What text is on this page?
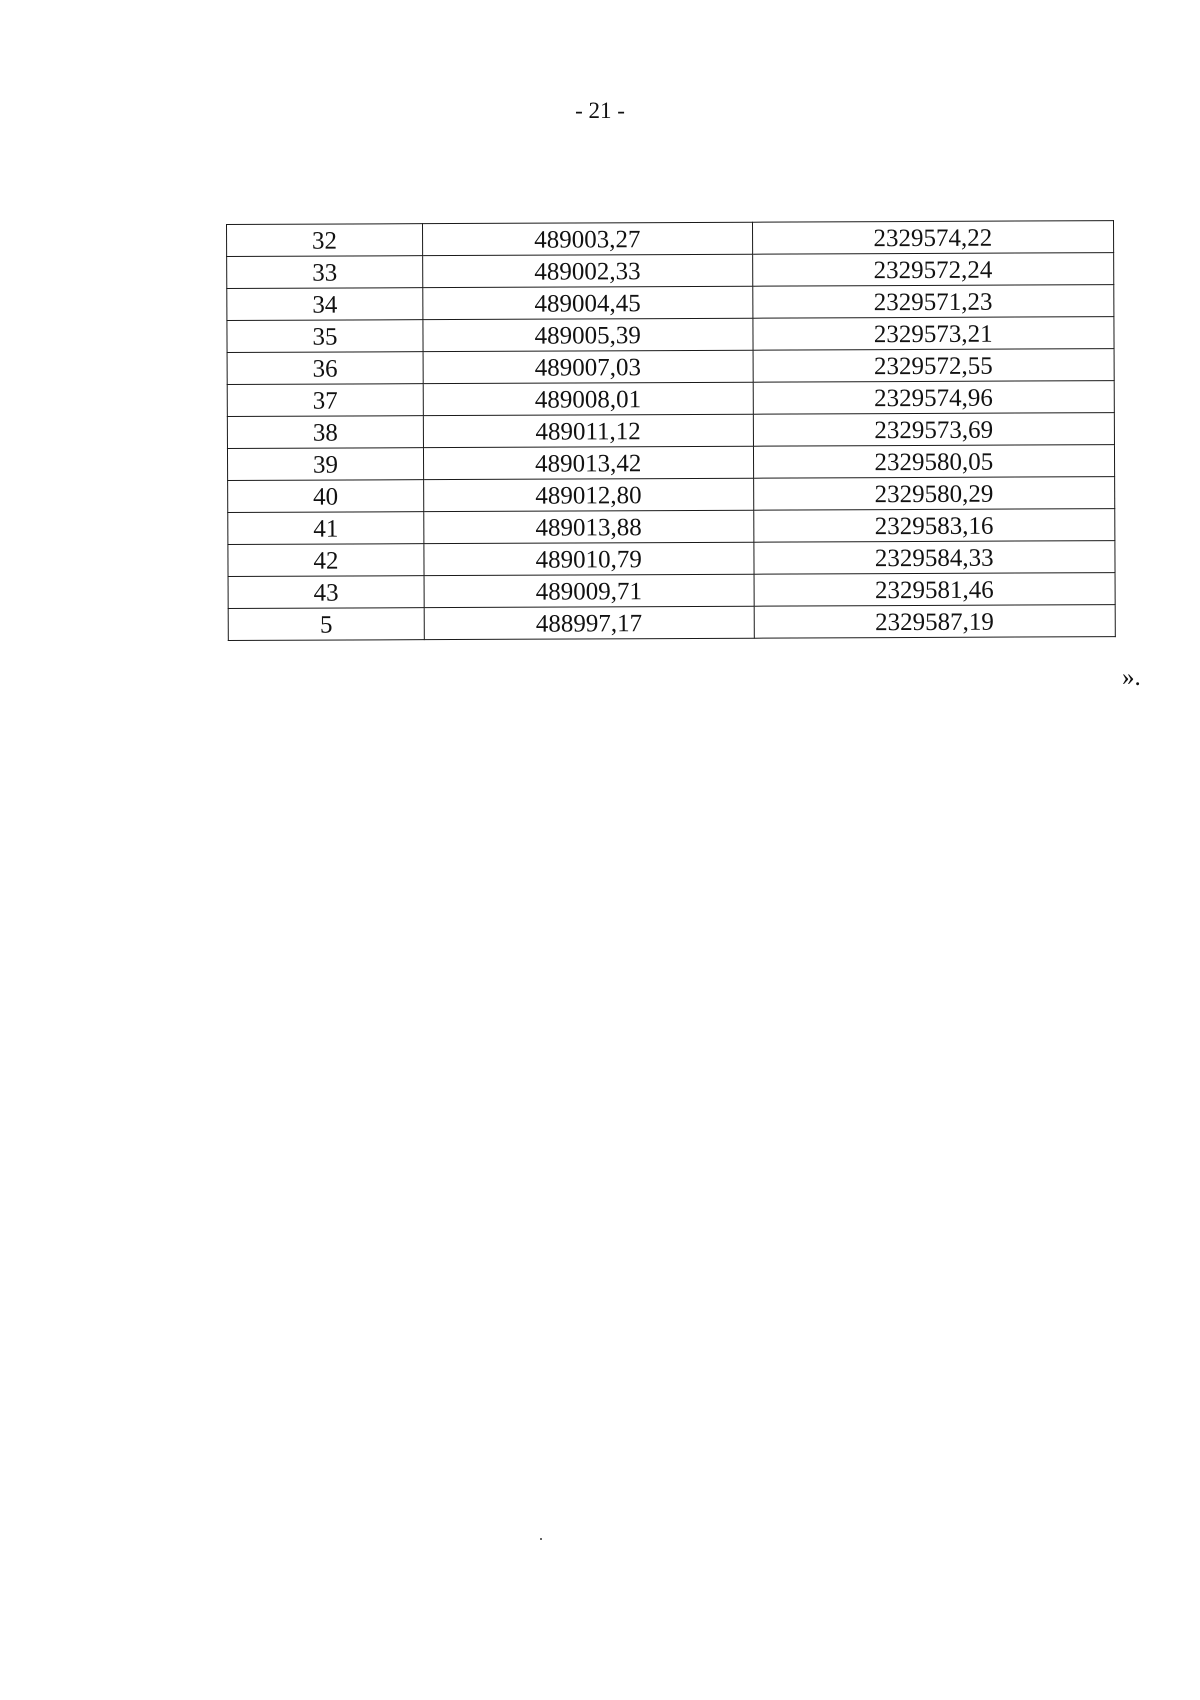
- 21 -
32	489003,27	2329574,22
33	489002,33	2329572,24
34	489004,45	2329571,23
35	489005,39	2329573,21
36	489007,03	2329572,55
37	489008,01	2329574,96
38	489011,12	2329573,69
39	489013,42	2329580,05
40	489012,80	2329580,29
41	489013,88	2329583,16
42	489010,79	2329584,33
43	489009,71	2329581,46
5	488997,17	2329587,19
».
